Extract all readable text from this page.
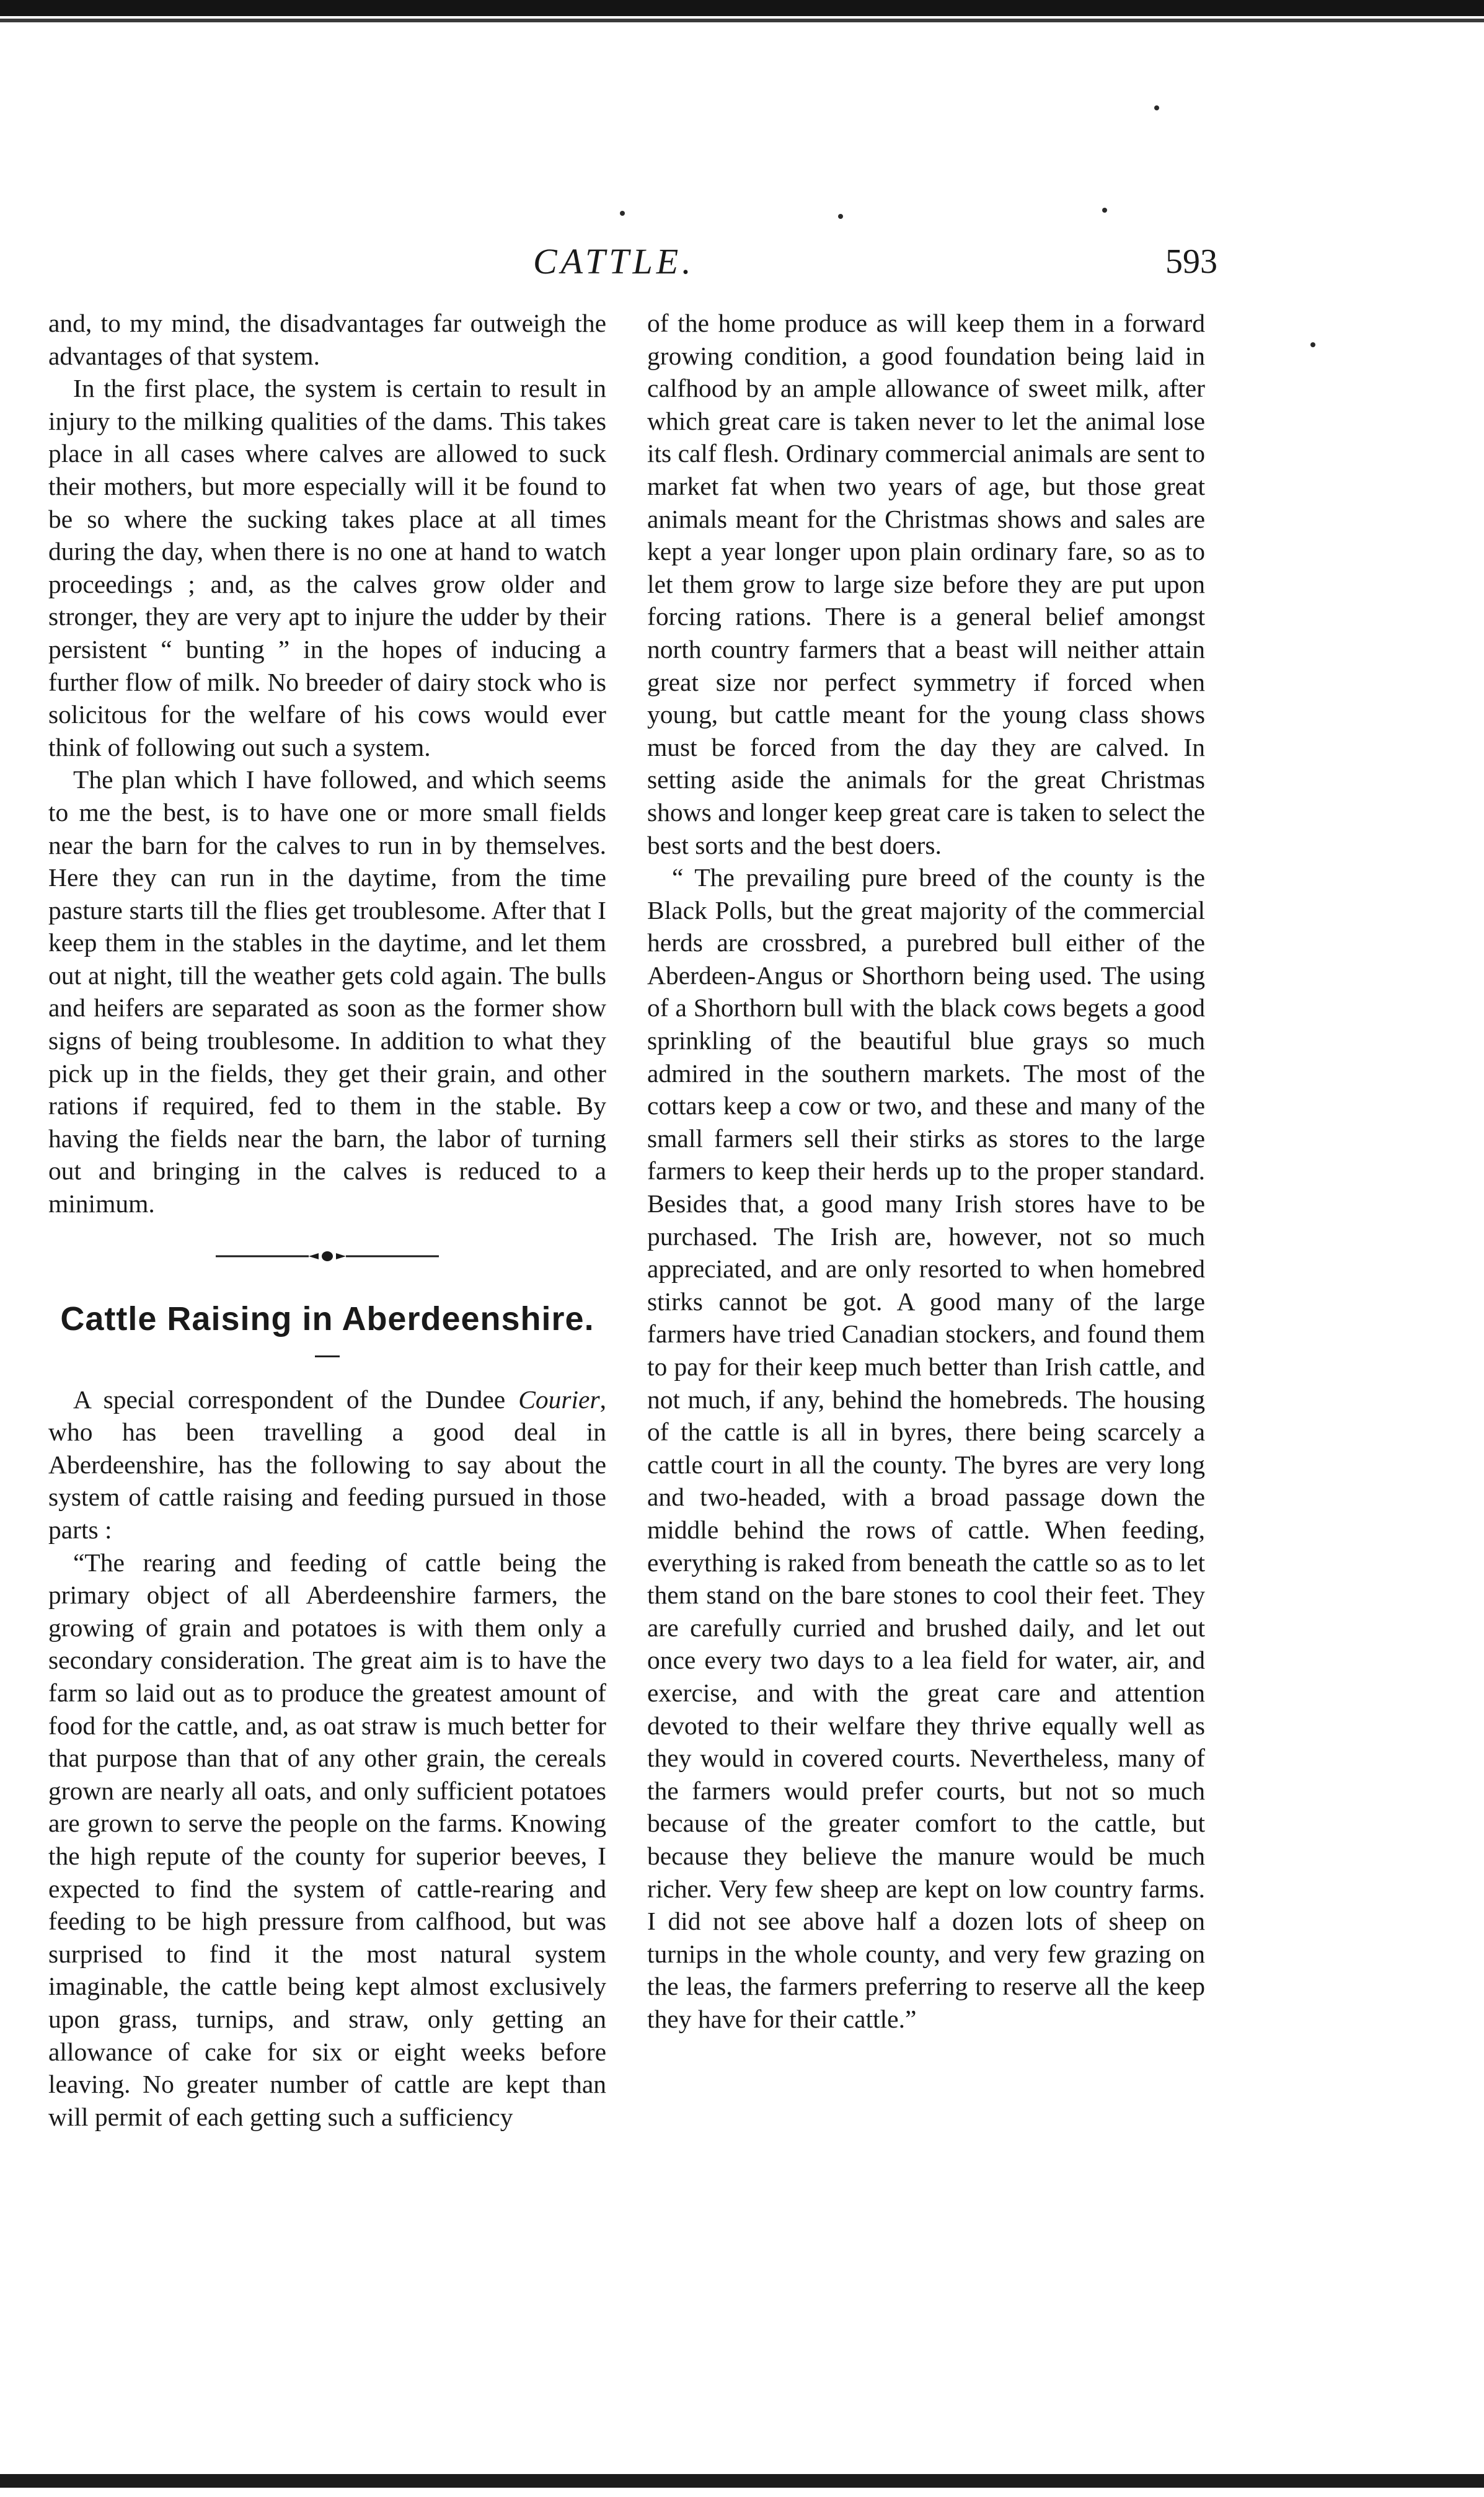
CATTLE.	593

and, to my mind, the disadvantages far outweigh the advantages of that system.

In the first place, the system is certain to result in injury to the milking qualities of the dams. This takes place in all cases where calves are allowed to suck their mothers, but more especially will it be found to be so where the sucking takes place at all times during the day, when there is no one at hand to watch proceedings ; and, as the calves grow older and stronger, they are very apt to injure the udder by their persistent “ bunting ” in the hopes of inducing a further flow of milk. No breeder of dairy stock who is solicitous for the welfare of his cows would ever think of following out such a system.

The plan which I have followed, and which seems to me the best, is to have one or more small fields near the barn for the calves to run in by themselves. Here they can run in the daytime, from the time pasture starts till the flies get troublesome. After that I keep them in the stables in the daytime, and let them out at night, till the weather gets cold again. The bulls and heifers are separated as soon as the former show signs of being troublesome. In addition to what they pick up in the fields, they get their grain, and other rations if required, fed to them in the stable. By having the fields near the barn, the labor of turning out and bringing in the calves is reduced to a minimum.

Cattle Raising in Aberdeenshire.

A special correspondent of the Dundee Courier, who has been travelling a good deal in Aberdeenshire, has the following to say about the system of cattle raising and feeding pursued in those parts :

“The rearing and feeding of cattle being the primary object of all Aberdeenshire farmers, the growing of grain and potatoes is with them only a secondary consideration. The great aim is to have the farm so laid out as to produce the greatest amount of food for the cattle, and, as oat straw is much better for that purpose than that of any other grain, the cereals grown are nearly all oats, and only sufficient potatoes are grown to serve the people on the farms. Knowing the high repute of the county for superior beeves, I expected to find the system of cattle-rearing and feeding to be high pressure from calfhood, but was surprised to find it the most natural system imaginable, the cattle being kept almost exclusively upon grass, turnips, and straw, only getting an allowance of cake for six or eight weeks before leaving. No greater number of cattle are kept than will permit of each getting such a sufficiency

of the home produce as will keep them in a forward growing condition, a good foundation being laid in calfhood by an ample allowance of sweet milk, after which great care is taken never to let the animal lose its calf flesh. Ordinary commercial animals are sent to market fat when two years of age, but those great animals meant for the Christmas shows and sales are kept a year longer upon plain ordinary fare, so as to let them grow to large size before they are put upon forcing rations. There is a general belief amongst north country farmers that a beast will neither attain great size nor perfect symmetry if forced when young, but cattle meant for the young class shows must be forced from the day they are calved. In setting aside the animals for the great Christmas shows and longer keep great care is taken to select the best sorts and the best doers.

“ The prevailing pure breed of the county is the Black Polls, but the great majority of the commercial herds are crossbred, a purebred bull either of the Aberdeen-Angus or Shorthorn being used. The using of a Shorthorn bull with the black cows begets a good sprinkling of the beautiful blue grays so much admired in the southern markets. The most of the cottars keep a cow or two, and these and many of the small farmers sell their stirks as stores to the large farmers to keep their herds up to the proper standard. Besides that, a good many Irish stores have to be purchased. The Irish are, however, not so much appreciated, and are only resorted to when homebred stirks cannot be got. A good many of the large farmers have tried Canadian stockers, and found them to pay for their keep much better than Irish cattle, and not much, if any, behind the homebreds. The housing of the cattle is all in byres, there being scarcely a cattle court in all the county. The byres are very long and two-headed, with a broad passage down the middle behind the rows of cattle. When feeding, everything is raked from beneath the cattle so as to let them stand on the bare stones to cool their feet. They are carefully curried and brushed daily, and let out once every two days to a lea field for water, air, and exercise, and with the great care and attention devoted to their welfare they thrive equally well as they would in covered courts. Nevertheless, many of the farmers would prefer courts, but not so much because of the greater comfort to the cattle, but because they believe the manure would be much richer. Very few sheep are kept on low country farms. I did not see above half a dozen lots of sheep on turnips in the whole county, and very few grazing on the leas, the farmers preferring to reserve all the keep they have for their cattle.”
